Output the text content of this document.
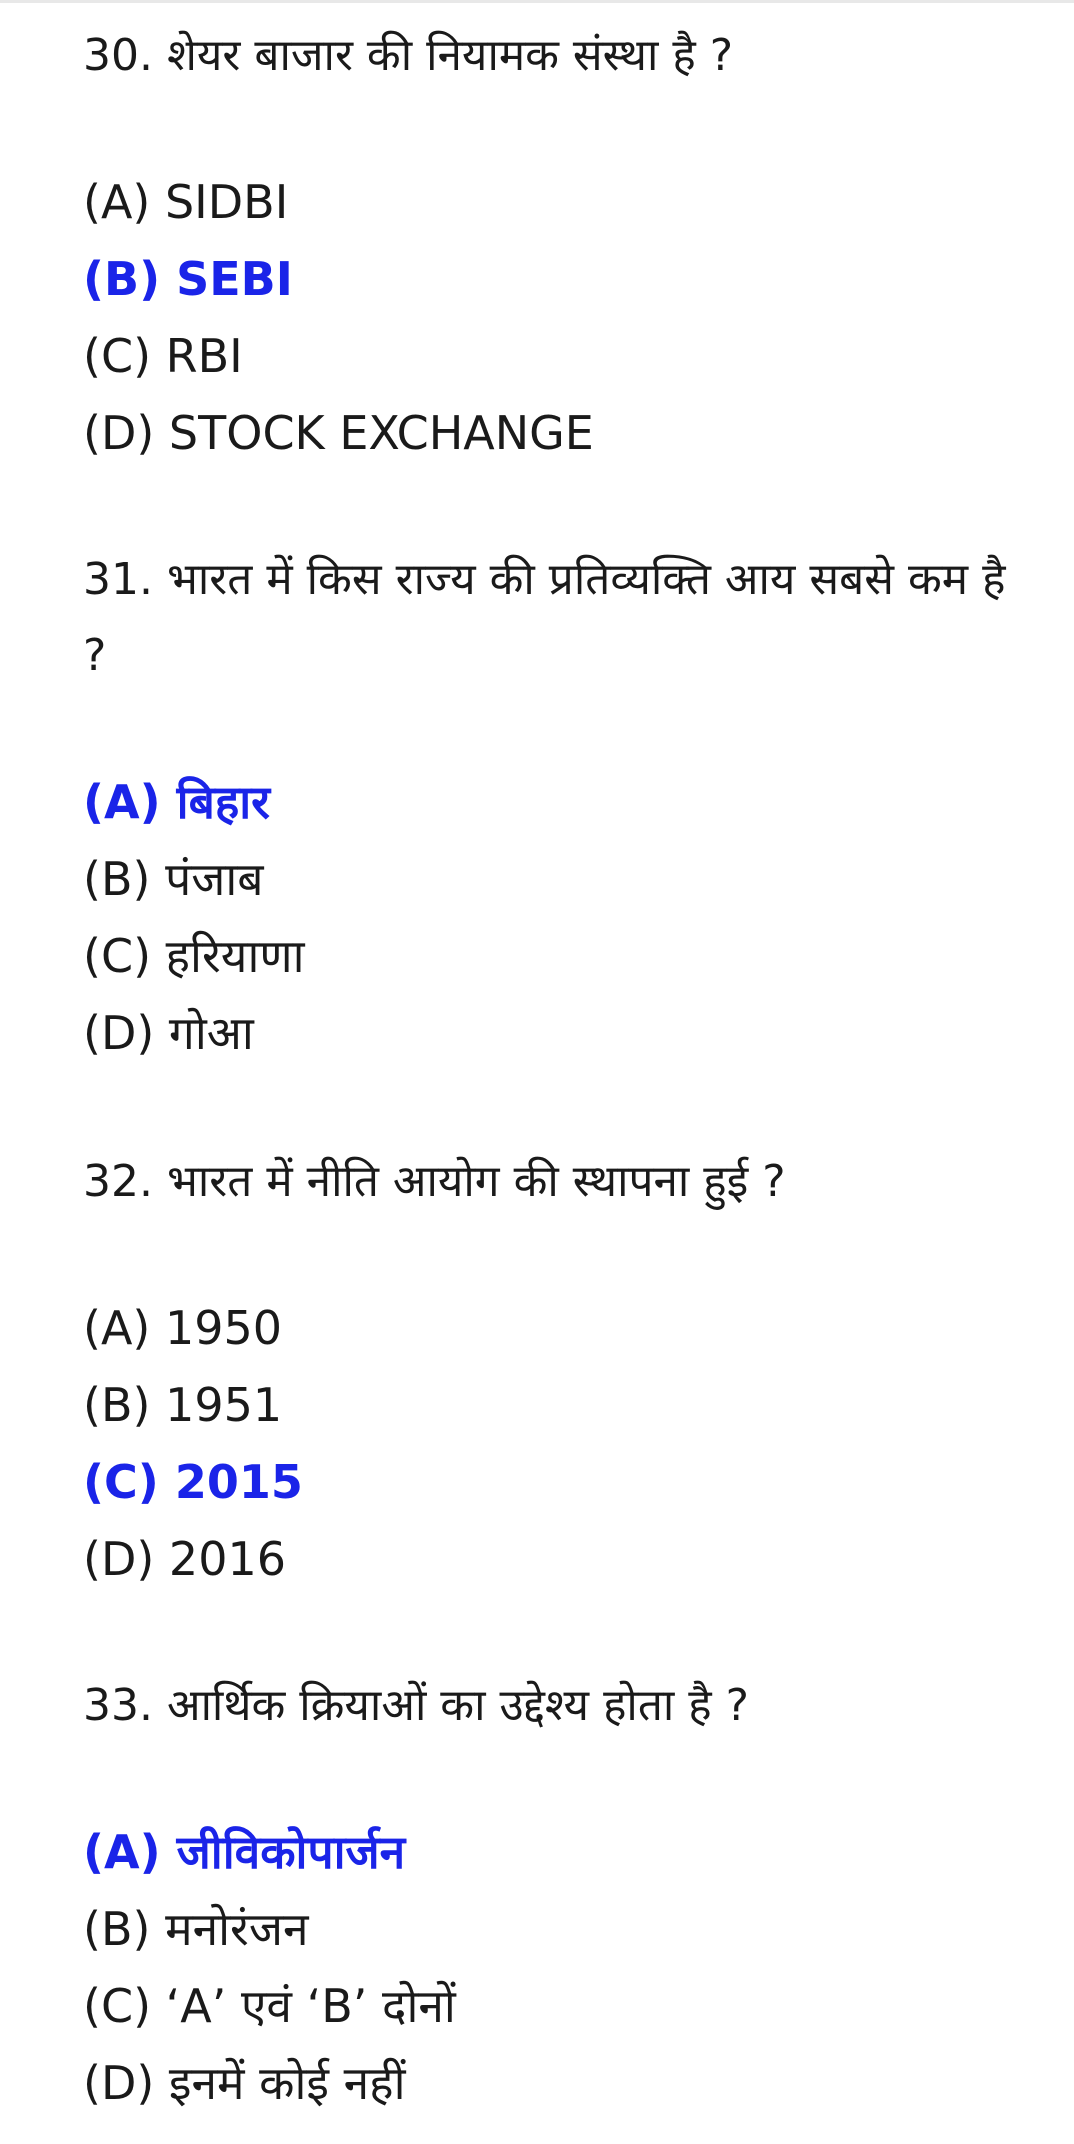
30. शेयर बाजार की नियामक संस्था है ?

(A) SIDBI
(B) SEBI
(C) RBI
(D) STOCK EXCHANGE

31. भारत में किस राज्य की प्रतिव्यक्ति आय सबसे कम है ?

(A) बिहार
(B) पंजाब
(C) हरियाणा
(D) गोआ

32. भारत में नीति आयोग की स्थापना हुई ?

(A) 1950
(B) 1951
(C) 2015
(D) 2016

33. आर्थिक क्रियाओं का उद्देश्य होता है ?

(A) जीविकोपार्जन
(B) मनोरंजन
(C) ‘A’ एवं ‘B’ दोनों
(D) इनमें कोई नहीं
